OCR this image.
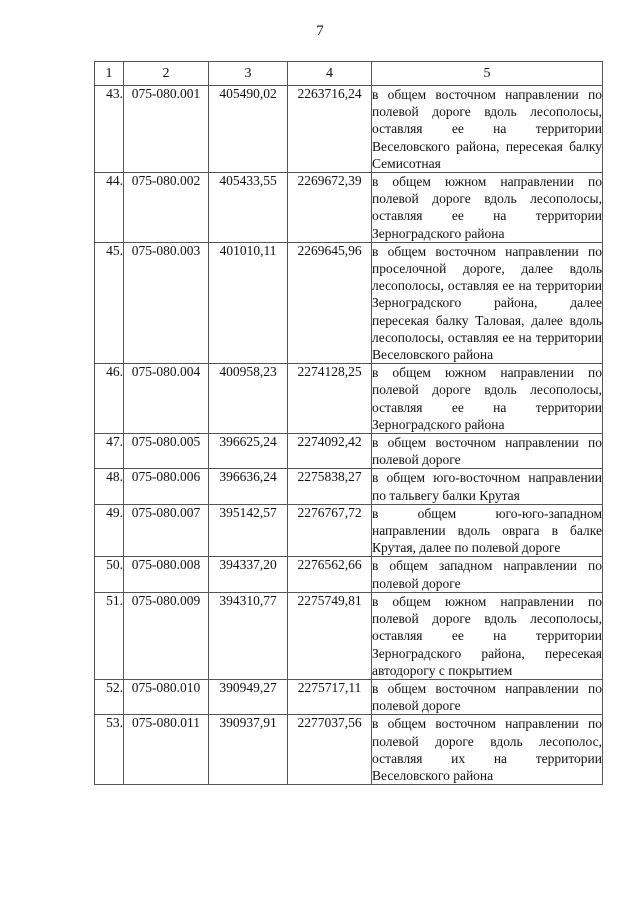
7
1	2	3	4	5
43.	075-080.001	405490,02	2263716,24	в общем восточном направлении по полевой дороге вдоль лесополосы, оставляя ее на территории Веселовского района, пересекая балку Семисотная
44.	075-080.002	405433,55	2269672,39	в общем южном направлении по полевой дороге вдоль лесополосы, оставляя ее на территории Зерноградского района
45.	075-080.003	401010,11	2269645,96	в общем восточном направлении по проселочной дороге, далее вдоль лесополосы, оставляя ее на территории Зерноградского района, далее пересекая балку Таловая, далее вдоль лесополосы, оставляя ее на территории Веселовского района
46.	075-080.004	400958,23	2274128,25	в общем южном направлении по полевой дороге вдоль лесополосы, оставляя ее на территории Зерноградского района
47.	075-080.005	396625,24	2274092,42	в общем восточном направлении по полевой дороге
48.	075-080.006	396636,24	2275838,27	в общем юго-восточном направлении по тальвегу балки Крутая
49.	075-080.007	395142,57	2276767,72	в общем юго-юго-западном направлении вдоль оврага в балке Крутая, далее по полевой дороге
50.	075-080.008	394337,20	2276562,66	в общем западном направлении по полевой дороге
51.	075-080.009	394310,77	2275749,81	в общем южном направлении по полевой дороге вдоль лесополосы, оставляя ее на территории Зерноградского района, пересекая автодорогу с покрытием
52.	075-080.010	390949,27	2275717,11	в общем восточном направлении по полевой дороге
53.	075-080.011	390937,91	2277037,56	в общем восточном направлении по полевой дороге вдоль лесополос, оставляя их на территории Веселовского района
